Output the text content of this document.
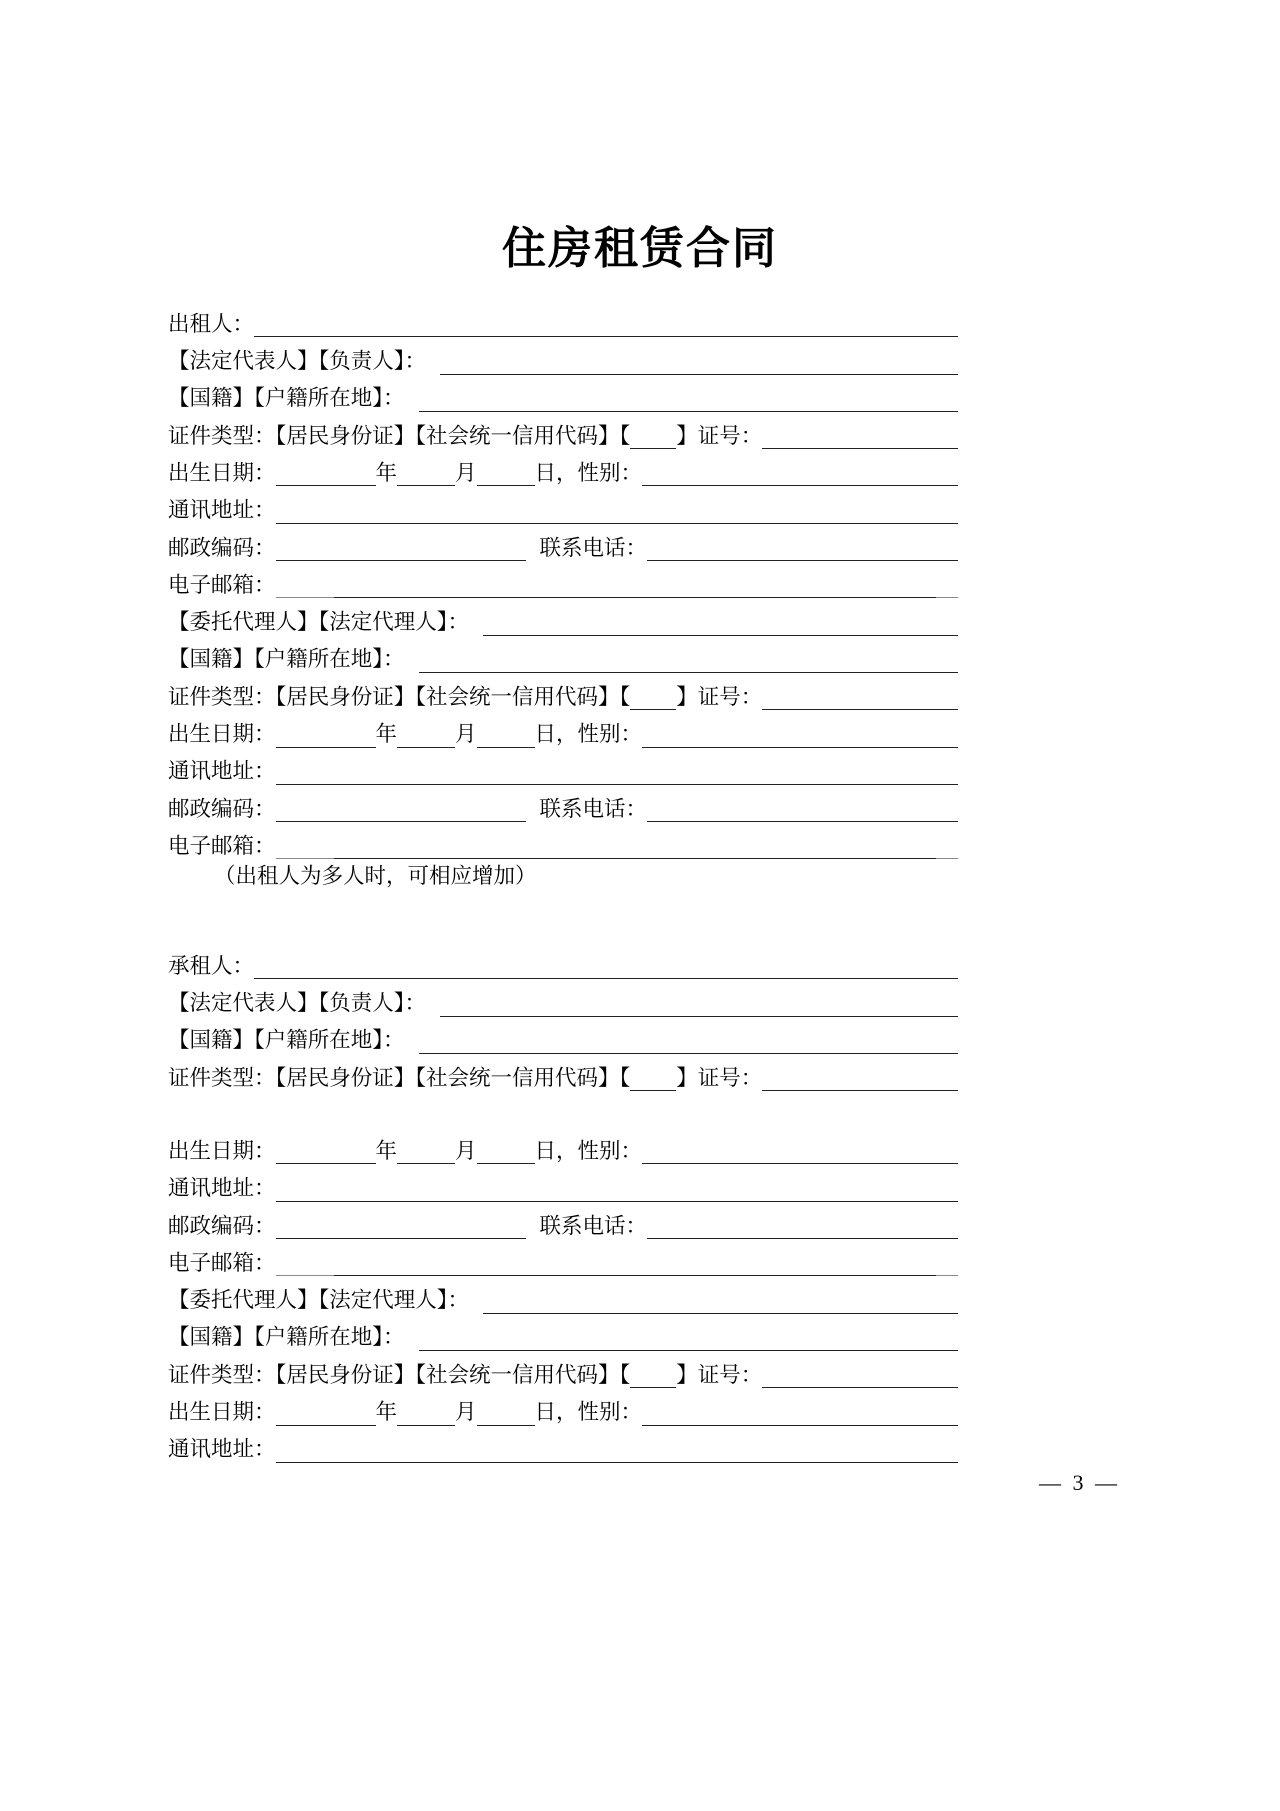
住房租赁合同
出租人：
【法定代表人】【负责人】：
【国籍】【户籍所在地】：
证件类型：【居民身份证】【社会统一信用代码】【 】证号：
出生日期：	年	月	日，性别：
通讯地址：
邮政编码：	联系电话：
电子邮箱：
【委托代理人】【法定代理人】：
【国籍】【户籍所在地】：
证件类型：【居民身份证】【社会统一信用代码】【 】证号：
出生日期：	年	月	日，性别：
通讯地址：
邮政编码：	联系电话：
电子邮箱：
（出租人为多人时，可相应增加）
承租人：
【法定代表人】【负责人】：
【国籍】【户籍所在地】：
证件类型：【居民身份证】【社会统一信用代码】【 】证号：
出生日期：	年	月	日，性别：
通讯地址：
邮政编码：	联系电话：
电子邮箱：
【委托代理人】【法定代理人】：
【国籍】【户籍所在地】：
证件类型：【居民身份证】【社会统一信用代码】【 】证号：
出生日期：	年	月	日，性别：
通讯地址：
— 3 —
